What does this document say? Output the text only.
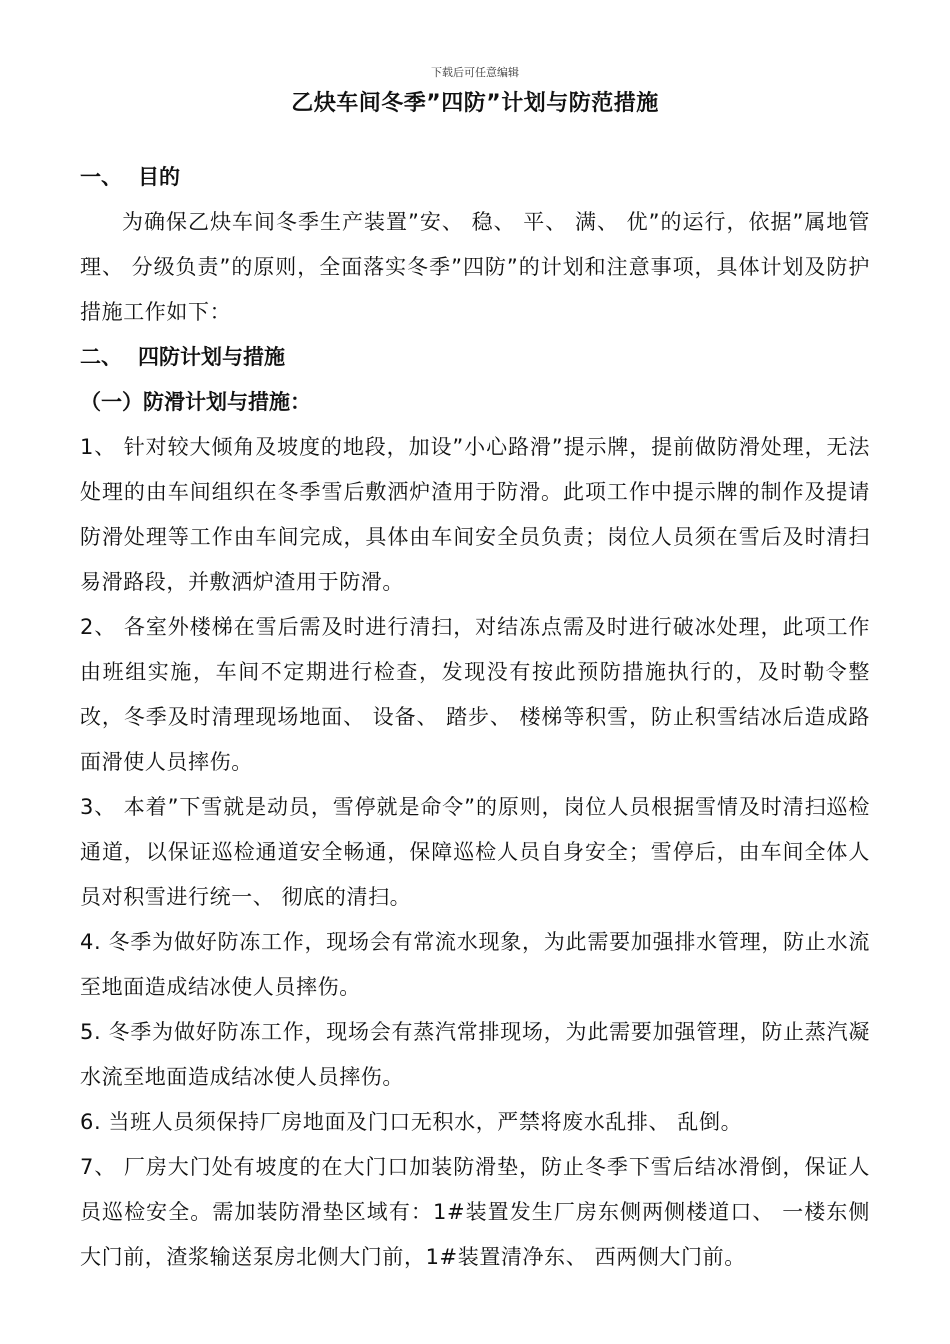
下载后可任意编辑
乙炔车间冬季”四防”计划与防范措施

一、 目的

为确保乙炔车间冬季生产装置”安、 稳、 平、 满、 优”的运行，依据”属地管理、 分级负责”的原则，全面落实冬季”四防”的计划和注意事项，具体计划及防护措施工作如下：

二、 四防计划与措施

（一）防滑计划与措施：

1、 针对较大倾角及坡度的地段，加设”小心路滑”提示牌，提前做防滑处理，无法处理的由车间组织在冬季雪后敷洒炉渣用于防滑。此项工作中提示牌的制作及提请防滑处理等工作由车间完成，具体由车间安全员负责；岗位人员须在雪后及时清扫易滑路段，并敷洒炉渣用于防滑。

2、 各室外楼梯在雪后需及时进行清扫，对结冻点需及时进行破冰处理，此项工作由班组实施，车间不定期进行检查，发现没有按此预防措施执行的，及时勒令整改，冬季及时清理现场地面、 设备、 踏步、 楼梯等积雪，防止积雪结冰后造成路面滑使人员摔伤。

3、 本着”下雪就是动员，雪停就是命令”的原则，岗位人员根据雪情及时清扫巡检通道，以保证巡检通道安全畅通，保障巡检人员自身安全；雪停后，由车间全体人员对积雪进行统一、 彻底的清扫。

4. 冬季为做好防冻工作，现场会有常流水现象，为此需要加强排水管理，防止水流至地面造成结冰使人员摔伤。

5. 冬季为做好防冻工作，现场会有蒸汽常排现场，为此需要加强管理，防止蒸汽凝水流至地面造成结冰使人员摔伤。

6. 当班人员须保持厂房地面及门口无积水，严禁将废水乱排、 乱倒。

7、 厂房大门处有坡度的在大门口加装防滑垫，防止冬季下雪后结冰滑倒，保证人员巡检安全。需加装防滑垫区域有：1#装置发生厂房东侧两侧楼道口、 一楼东侧大门前，渣浆输送泵房北侧大门前，1#装置清净东、 西两侧大门前。
